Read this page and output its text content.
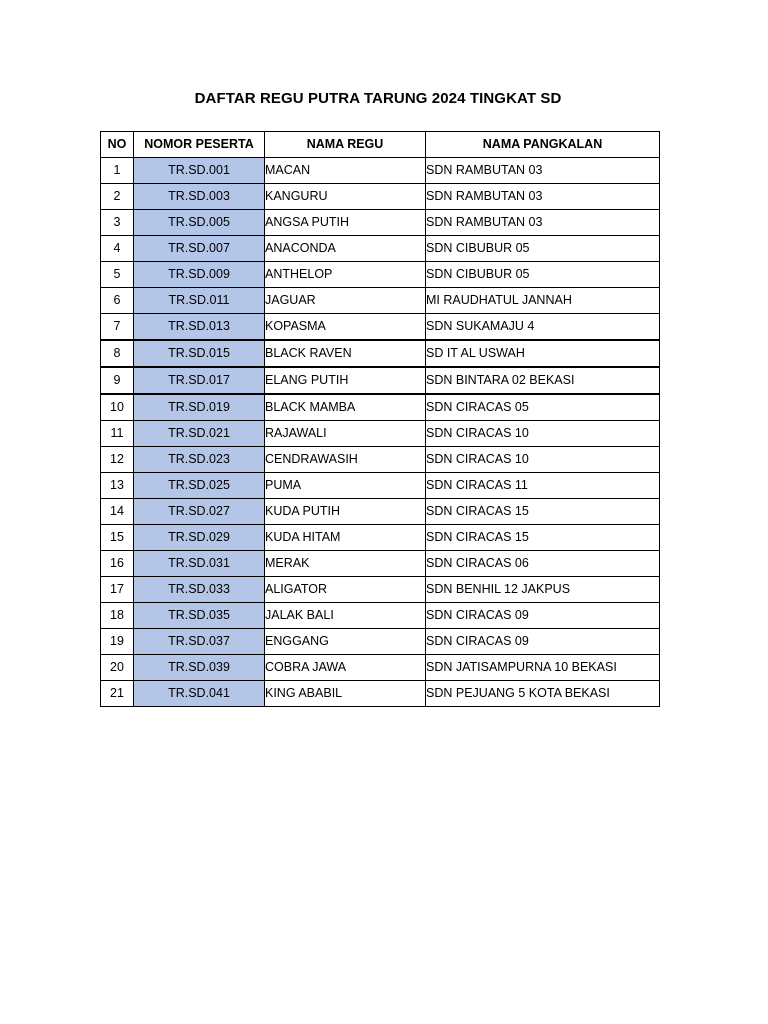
DAFTAR REGU PUTRA TARUNG 2024 TINGKAT SD
NO	NOMOR PESERTA	NAMA REGU	NAMA PANGKALAN
1	TR.SD.001	MACAN	SDN RAMBUTAN 03
2	TR.SD.003	KANGURU	SDN RAMBUTAN 03
3	TR.SD.005	ANGSA PUTIH	SDN RAMBUTAN 03
4	TR.SD.007	ANACONDA	SDN CIBUBUR 05
5	TR.SD.009	ANTHELOP	SDN CIBUBUR 05
6	TR.SD.011	JAGUAR	MI RAUDHATUL JANNAH
7	TR.SD.013	KOPASMA	SDN SUKAMAJU 4
8	TR.SD.015	BLACK RAVEN	SD IT AL USWAH
9	TR.SD.017	ELANG PUTIH	SDN BINTARA 02 BEKASI
10	TR.SD.019	BLACK MAMBA	SDN CIRACAS 05
11	TR.SD.021	RAJAWALI	SDN CIRACAS 10
12	TR.SD.023	CENDRAWASIH	SDN CIRACAS 10
13	TR.SD.025	PUMA	SDN CIRACAS 11
14	TR.SD.027	KUDA PUTIH	SDN CIRACAS 15
15	TR.SD.029	KUDA HITAM	SDN CIRACAS 15
16	TR.SD.031	MERAK	SDN CIRACAS 06
17	TR.SD.033	ALIGATOR	SDN BENHIL 12 JAKPUS
18	TR.SD.035	JALAK BALI	SDN CIRACAS 09
19	TR.SD.037	ENGGANG	SDN CIRACAS 09
20	TR.SD.039	COBRA JAWA	SDN JATISAMPURNA 10 BEKASI
21	TR.SD.041	KING ABABIL	SDN PEJUANG 5 KOTA BEKASI
